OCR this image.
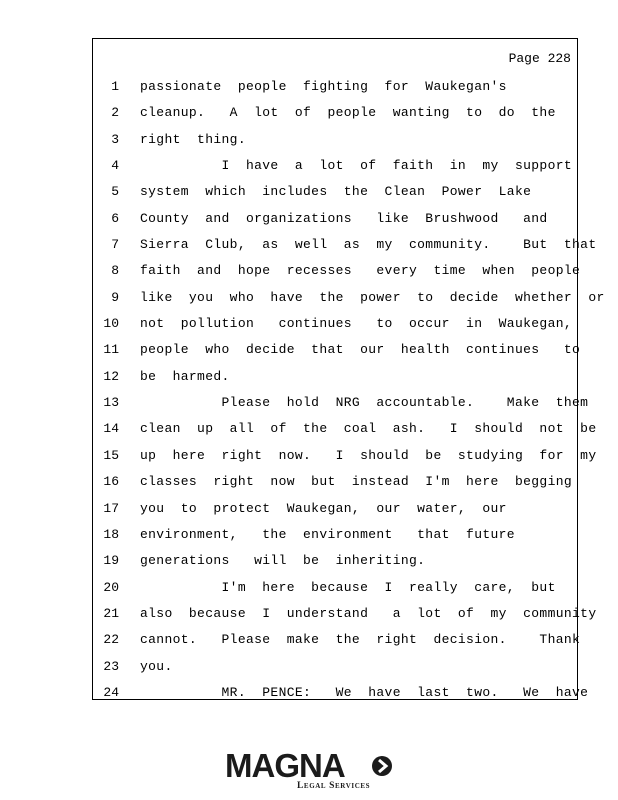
Page 228
1 passionate  people  fighting  for  Waukegan's
2 cleanup.   A  lot  of  people  wanting  to  do  the
3 right  thing.
4 I  have  a  lot  of  faith  in  my  support
5 system  which  includes  the  Clean  Power  Lake
6 County  and  organizations   like  Brushwood   and
7 Sierra  Club,  as  well  as  my  community.    But  that
8 faith  and  hope  recesses   every  time  when  people
9 like  you  who  have  the  power  to  decide  whether  or
10 not  pollution   continues   to  occur  in  Waukegan,
11 people  who  decide  that  our  health  continues   to
12 be  harmed.
13 Please  hold  NRG  accountable.    Make  them
14 clean  up  all  of  the  coal  ash.   I  should  not  be
15 up  here  right  now.   I  should  be  studying  for  my
16 classes  right  now  but  instead  I'm  here  begging
17 you  to  protect  Waukegan,  our  water,  our
18 environment,   the  environment   that  future
19 generations   will  be  inheriting.
20 I'm  here  because  I  really  care,  but
21 also  because  I  understand   a  lot  of  my  community
22 cannot.   Please  make  the  right  decision.    Thank
23 you.
24 MR.  PENCE:   We  have  last  two.   We  have
MAGNA
Legal Services
